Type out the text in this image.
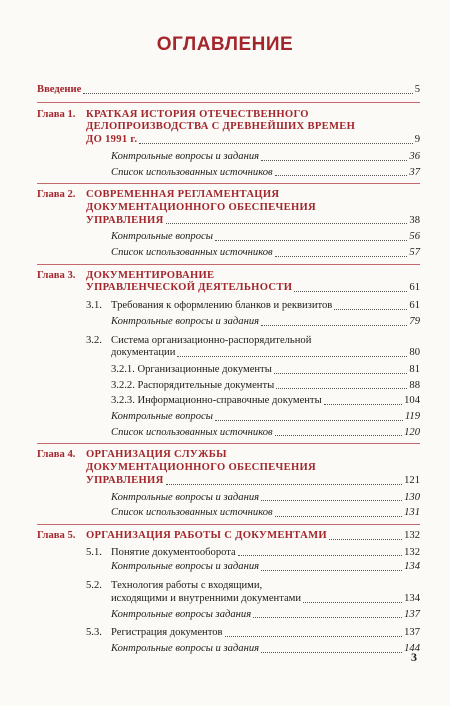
ОГЛАВЛЕНИЕ
Введение	5
Глава 1. КРАТКАЯ ИСТОРИЯ ОТЕЧЕСТВЕННОГО
ДЕЛОПРОИЗВОДСТВА С ДРЕВНЕЙШИХ ВРЕМЕН
ДО 1991 г.	9
Контрольные вопросы и задания	36
Список использованных источников	37
Глава 2. СОВРЕМЕННАЯ РЕГЛАМЕНТАЦИЯ
ДОКУМЕНТАЦИОННОГО ОБЕСПЕЧЕНИЯ
УПРАВЛЕНИЯ	38
Контрольные вопросы	56
Список использованных источников	57
Глава 3. ДОКУМЕНТИРОВАНИЕ
УПРАВЛЕНЧЕСКОЙ ДЕЯТЕЛЬНОСТИ	61
3.1. Требования к оформлению бланков и реквизитов	61
Контрольные вопросы и задания	79
3.2. Система организационно-распорядительной
документации	80
3.2.1. Организационные документы	81
3.2.2. Распорядительные документы	88
3.2.3. Информационно-справочные документы	104
Контрольные вопросы	119
Список использованных источников	120
Глава 4. ОРГАНИЗАЦИЯ СЛУЖБЫ
ДОКУМЕНТАЦИОННОГО ОБЕСПЕЧЕНИЯ
УПРАВЛЕНИЯ	121
Контрольные вопросы и задания	130
Список использованных источников	131
Глава 5. ОРГАНИЗАЦИЯ РАБОТЫ С ДОКУМЕНТАМИ	132
5.1. Понятие документооборота	132
Контрольные вопросы и задания	134
5.2. Технология работы с входящими,
исходящими и внутренними документами	134
Контрольные вопросы задания	137
5.3. Регистрация документов	137
Контрольные вопросы и задания	144
3
